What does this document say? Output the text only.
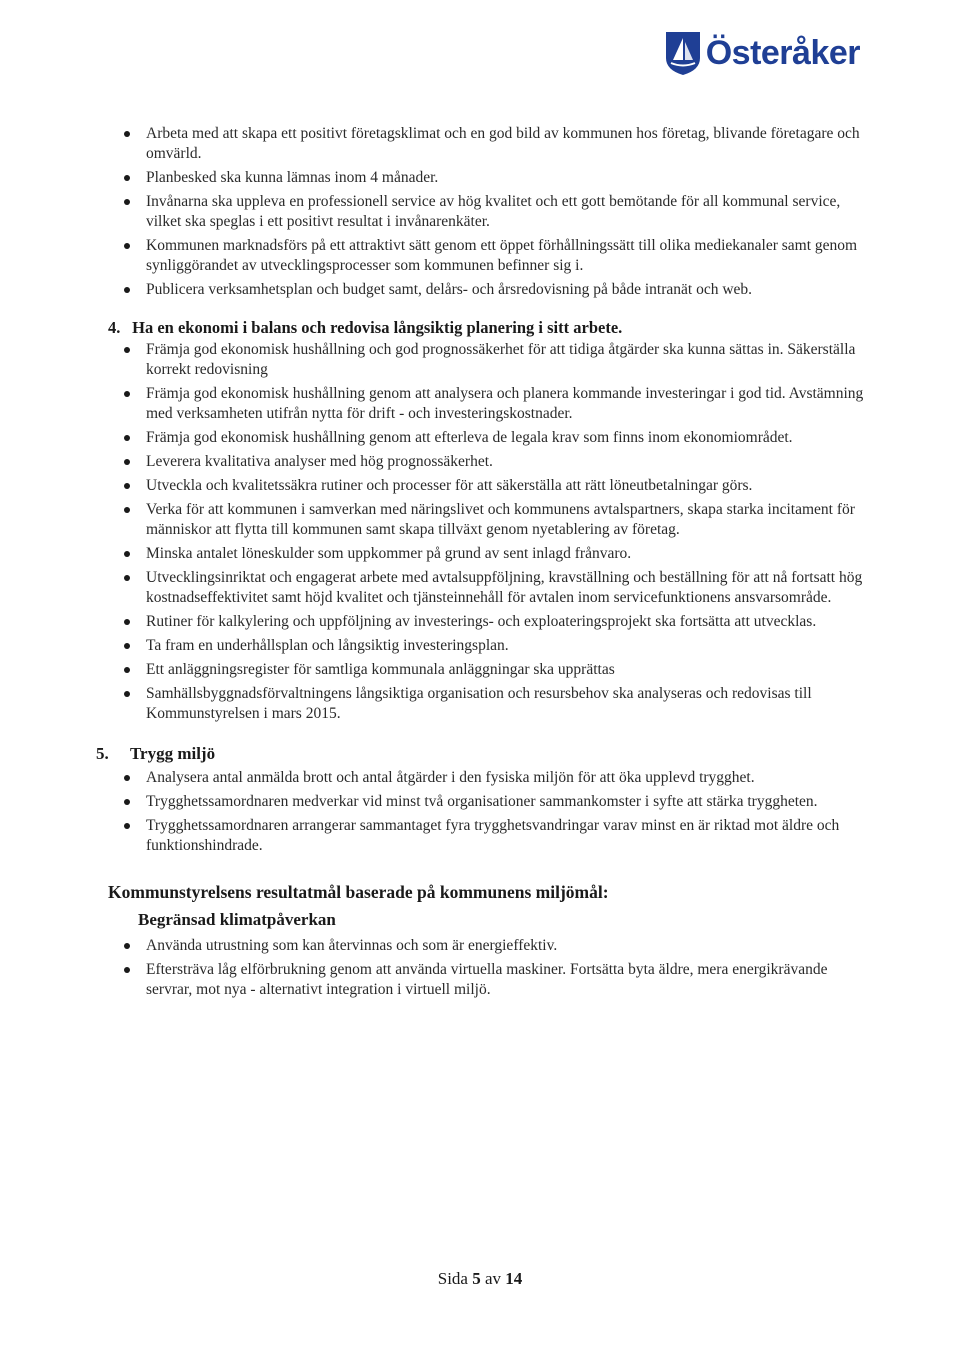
Österåker
Arbeta med att skapa ett positivt företagsklimat och en god bild av kommunen hos företag, blivande företagare och omvärld.
Planbesked ska kunna lämnas inom 4 månader.
Invånarna ska uppleva en professionell service av hög kvalitet och ett gott bemötande för all kommunal service, vilket ska speglas i ett positivt resultat i invånarenkäter.
Kommunen marknadsförs på ett attraktivt sätt genom ett öppet förhållningssätt till olika mediekanaler samt genom synliggörandet av utvecklingsprocesser som kommunen befinner sig i.
Publicera verksamhetsplan och budget samt, delårs- och årsredovisning på både intranät och web.
4. Ha en ekonomi i balans och redovisa långsiktig planering i sitt arbete.
Främja god ekonomisk hushållning och god prognossäkerhet för att tidiga åtgärder ska kunna sättas in. Säkerställa korrekt redovisning
Främja god ekonomisk hushållning genom att analysera och planera kommande investeringar i god tid. Avstämning med verksamheten utifrån nytta för drift - och investeringskostnader.
Främja god ekonomisk hushållning genom att efterleva de legala krav som finns inom ekonomiområdet.
Leverera kvalitativa analyser med hög prognossäkerhet.
Utveckla och kvalitetssäkra rutiner och processer för att säkerställa att rätt löneutbetalningar görs.
Verka för att kommunen i samverkan med näringslivet och kommunens avtalspartners, skapa starka incitament för människor att flytta till kommunen samt skapa tillväxt genom nyetablering av företag.
Minska antalet löneskulder som uppkommer på grund av sent inlagd frånvaro.
Utvecklingsinriktat och engagerat arbete med avtalsuppföljning, kravställning och beställning för att nå fortsatt hög kostnadseffektivitet samt höjd kvalitet och tjänsteinnehåll för avtalen inom servicefunktionens ansvarsområde.
Rutiner för kalkylering och uppföljning av investerings- och exploateringsprojekt ska fortsätta att utvecklas.
Ta fram en underhållsplan och långsiktig investeringsplan.
Ett anläggningsregister för samtliga kommunala anläggningar ska upprättas
Samhällsbyggnadsförvaltningens långsiktiga organisation och resursbehov ska analyseras och redovisas till Kommunstyrelsen i mars 2015.
5. Trygg miljö
Analysera antal anmälda brott och antal åtgärder i den fysiska miljön för att öka upplevd trygghet.
Trygghetssamordnaren medverkar vid minst två organisationer sammankomster i syfte att stärka tryggheten.
Trygghetssamordnaren arrangerar sammantaget fyra trygghetsvandringar varav minst en är riktad mot äldre och funktionshindrade.
Kommunstyrelsens resultatmål baserade på kommunens miljömål:
Begränsad klimatpåverkan
Använda utrustning som kan återvinnas och som är energieffektiv.
Eftersträva låg elförbrukning genom att använda virtuella maskiner. Fortsätta byta äldre, mera energikrävande servrar, mot nya - alternativt integration i virtuell miljö.
Sida 5 av 14
